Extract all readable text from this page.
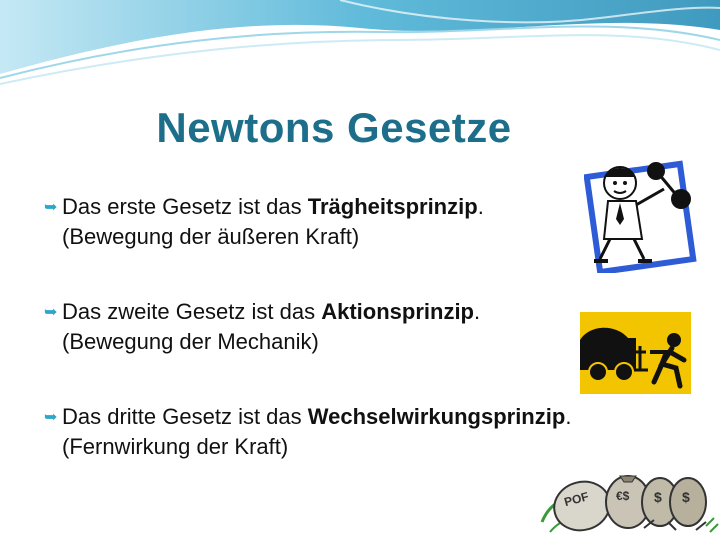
Newtons Gesetze
➥ Das erste Gesetz ist das Trägheitsprinzip.
(Bewegung der äußeren Kraft)
➥ Das zweite Gesetz ist das Aktionsprinzip.
(Bewegung der Mechanik)
➥ Das dritte Gesetz ist das Wechselwirkungsprinzip.
(Fernwirkung der Kraft)
POF €$ $ $
